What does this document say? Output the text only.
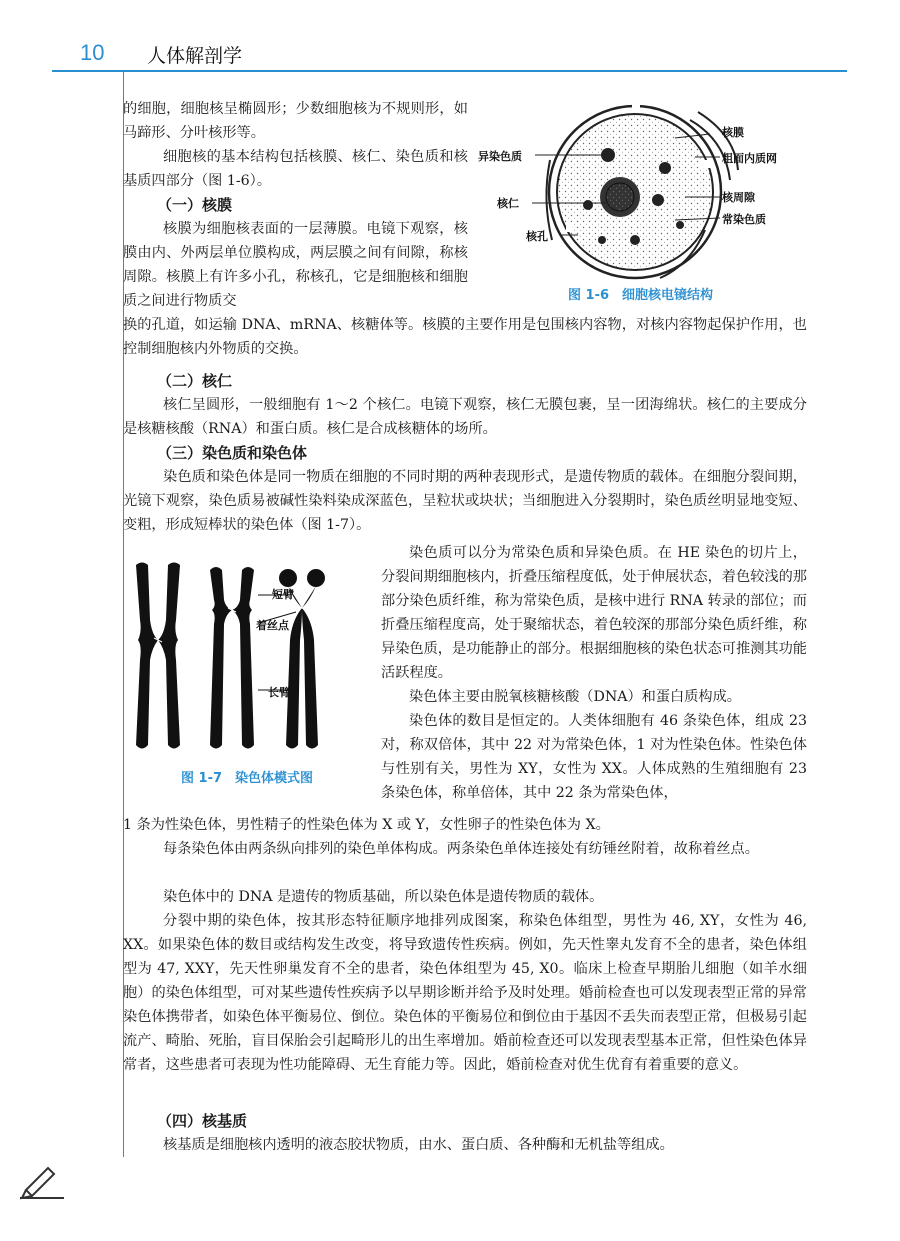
10 人体解剖学

的细胞，细胞核呈椭圆形；少数细胞核为不规则形，如马蹄形、分叶核形等。

细胞核的基本结构包括核膜、核仁、染色质和核基质四部分（图 1-6）。

（一）核膜

核膜为细胞核表面的一层薄膜。电镜下观察，核膜由内、外两层单位膜构成，两层膜之间有间隙，称核周隙。核膜上有许多小孔，称核孔，它是细胞核和细胞质之间进行物质交

核膜
粗面内质网
异染色质
核仁	核周隙
常染色质
核孔
图 1-6　细胞核电镜结构

换的孔道，如运输 DNA、mRNA、核糖体等。核膜的主要作用是包围核内容物，对核内容物起保护作用，也控制细胞核内外物质的交换。

（二）核仁

核仁呈圆形，一般细胞有 1～2 个核仁。电镜下观察，核仁无膜包裹，呈一团海绵状。核仁的主要成分是核糖核酸（RNA）和蛋白质。核仁是合成核糖体的场所。

（三）染色质和染色体

染色质和染色体是同一物质在细胞的不同时期的两种表现形式，是遗传物质的载体。在细胞分裂间期，光镜下观察，染色质易被碱性染料染成深蓝色，呈粒状或块状；当细胞进入分裂期时，染色质丝明显地变短、变粗，形成短棒状的染色体（图 1-7）。

短臂
着丝点
长臂
图 1-7　染色体模式图

染色质可以分为常染色质和异染色质。在 HE 染色的切片上，分裂间期细胞核内，折叠压缩程度低，处于伸展状态，着色较浅的那部分染色质纤维，称为常染色质，是核中进行 RNA 转录的部位；而折叠压缩程度高，处于聚缩状态，着色较深的那部分染色质纤维，称异染色质，是功能静止的部分。根据细胞核的染色状态可推测其功能活跃程度。

染色体主要由脱氧核糖核酸（DNA）和蛋白质构成。

染色体的数目是恒定的。人类体细胞有 46 条染色体，组成 23 对，称双倍体，其中 22 对为常染色体，1 对为性染色体。性染色体与性别有关，男性为 XY，女性为 XX。人体成熟的生殖细胞有 23 条染色体，称单倍体，其中 22 条为常染色体，

1 条为性染色体，男性精子的性染色体为 X 或 Y，女性卵子的性染色体为 X。

每条染色体由两条纵向排列的染色单体构成。两条染色单体连接处有纺锤丝附着，故称着丝点。

染色体中的 DNA 是遗传的物质基础，所以染色体是遗传物质的载体。

分裂中期的染色体，按其形态特征顺序地排列成图案，称染色体组型，男性为 46, XY，女性为 46, XX。如果染色体的数目或结构发生改变，将导致遗传性疾病。例如，先天性睾丸发育不全的患者，染色体组型为 47, XXY，先天性卵巢发育不全的患者，染色体组型为 45, X0。临床上检查早期胎儿细胞（如羊水细胞）的染色体组型，可对某些遗传性疾病予以早期诊断并给予及时处理。婚前检查也可以发现表型正常的异常染色体携带者，如染色体平衡易位、倒位。染色体的平衡易位和倒位由于基因不丢失而表型正常，但极易引起流产、畸胎、死胎，盲目保胎会引起畸形儿的出生率增加。婚前检查还可以发现表型基本正常，但性染色体异常者，这些患者可表现为性功能障碍、无生育能力等。因此，婚前检查对优生优育有着重要的意义。

（四）核基质

核基质是细胞核内透明的液态胶状物质，由水、蛋白质、各种酶和无机盐等组成。
